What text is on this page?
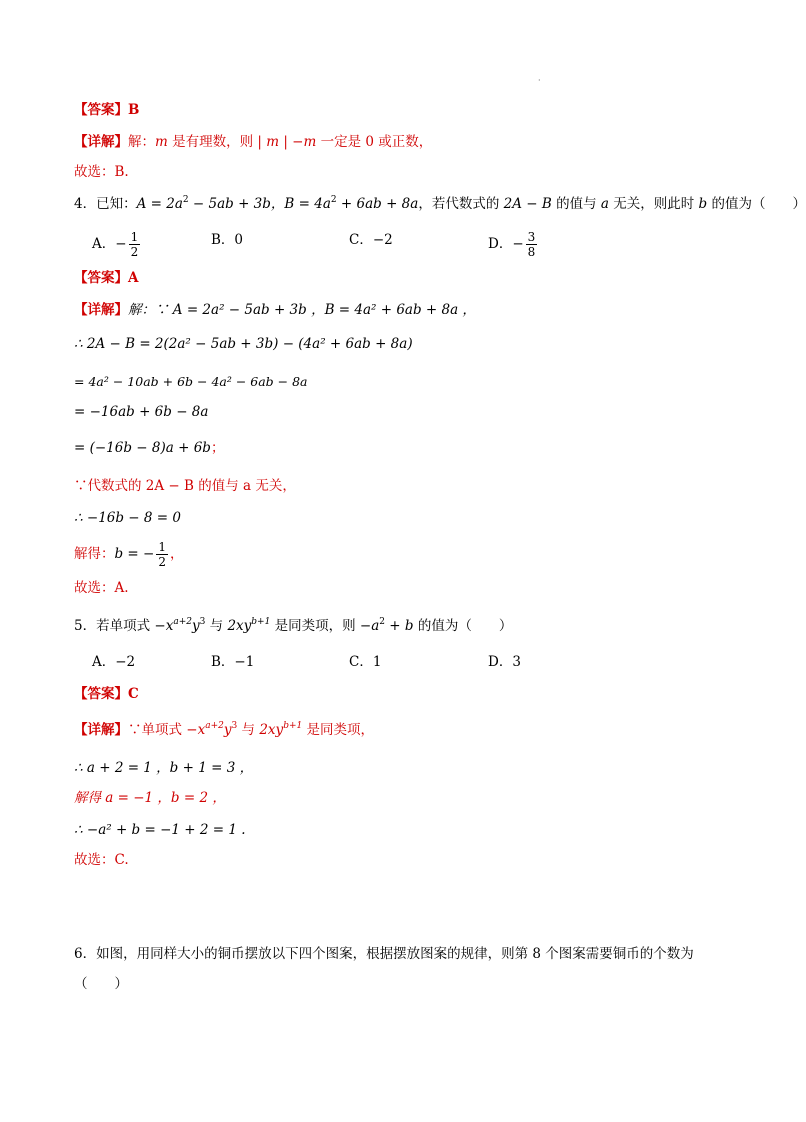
·
【答案】B
【详解】解：m 是有理数，则 | m | −m 一定是 0 或正数，
故选：B.
4．已知：$A = 2a^2 - 5ab + 3b$，$B = 4a^2 + 6ab + 8a$，若代数式的 2A − B 的值与 a 无关，则此时 b 的值为（　　）
A．− $\frac{1}{2}$	B．0	C．−2	D．− $\frac{3}{8}$
【答案】A
【详解】解：∵ A = 2a² − 5ab + 3b ，B = 4a² + 6ab + 8a ，
∴ 2A − B = 2(2a² − 5ab + 3b) − (4a² + 6ab + 8a)
= 4a² − 10ab + 6b − 4a² − 6ab − 8a
= −16ab + 6b − 8a
= (−16b − 8)a + 6b；
∵代数式的 2A − B 的值与 a 无关，
∴ −16b − 8 = 0
解得：b = − $\frac{1}{2}$ ，
故选：A.
5．若单项式 $-x^{a+2}y^3$ 与 $2xy^{b+1}$ 是同类项，则 $-a^2 + b$ 的值为（　　）
A．−2	B．−1	C．1	D．3
【答案】C
【详解】∵单项式 $-x^{a+2}y^3$ 与 $2xy^{b+1}$ 是同类项，
∴ a + 2 = 1 ，b + 1 = 3 ，
解得 a = −1 ，b = 2 ，
∴ −a² + b = −1 + 2 = 1 .
故选：C.
6．如图，用同样大小的铜币摆放以下四个图案，根据摆放图案的规律，则第 8 个图案需要铜币的个数为
（　　）
